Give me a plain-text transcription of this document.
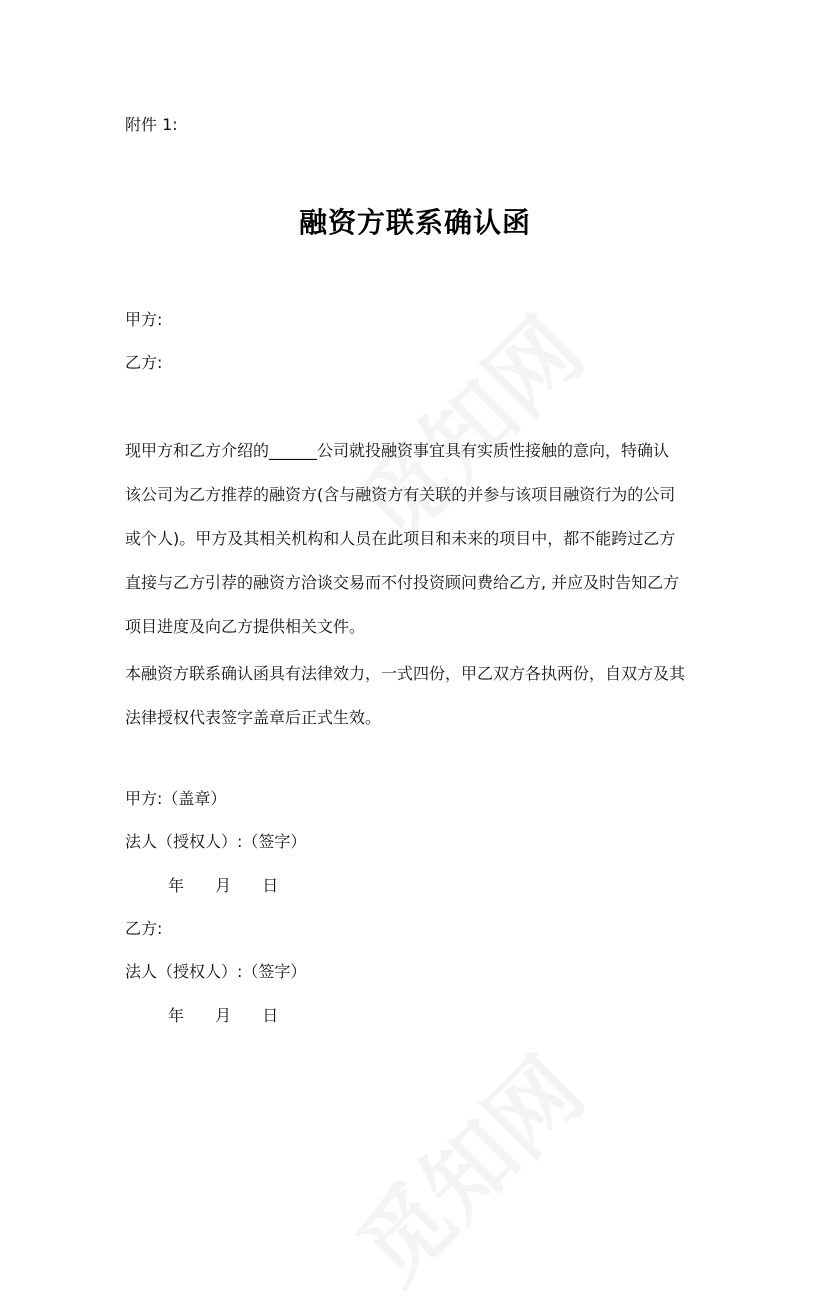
附件 1:
融资方联系确认函
甲方:
乙方:
现甲方和乙方介绍的______公司就投融资事宜具有实质性接触的意向，特确认
该公司为乙方推荐的融资方(含与融资方有关联的并参与该项目融资行为的公司
或个人)。甲方及其相关机构和人员在此项目和未来的项目中，都不能跨过乙方
直接与乙方引荐的融资方洽谈交易而不付投资顾问费给乙方, 并应及时告知乙方
项目进度及向乙方提供相关文件。
本融资方联系确认函具有法律效力，一式四份，甲乙双方各执两份，自双方及其
法律授权代表签字盖章后正式生效。
甲方:（盖章）
法人（授权人）:（签字）
年 月 日
乙方:
法人（授权人）:（签字）
年 月 日
